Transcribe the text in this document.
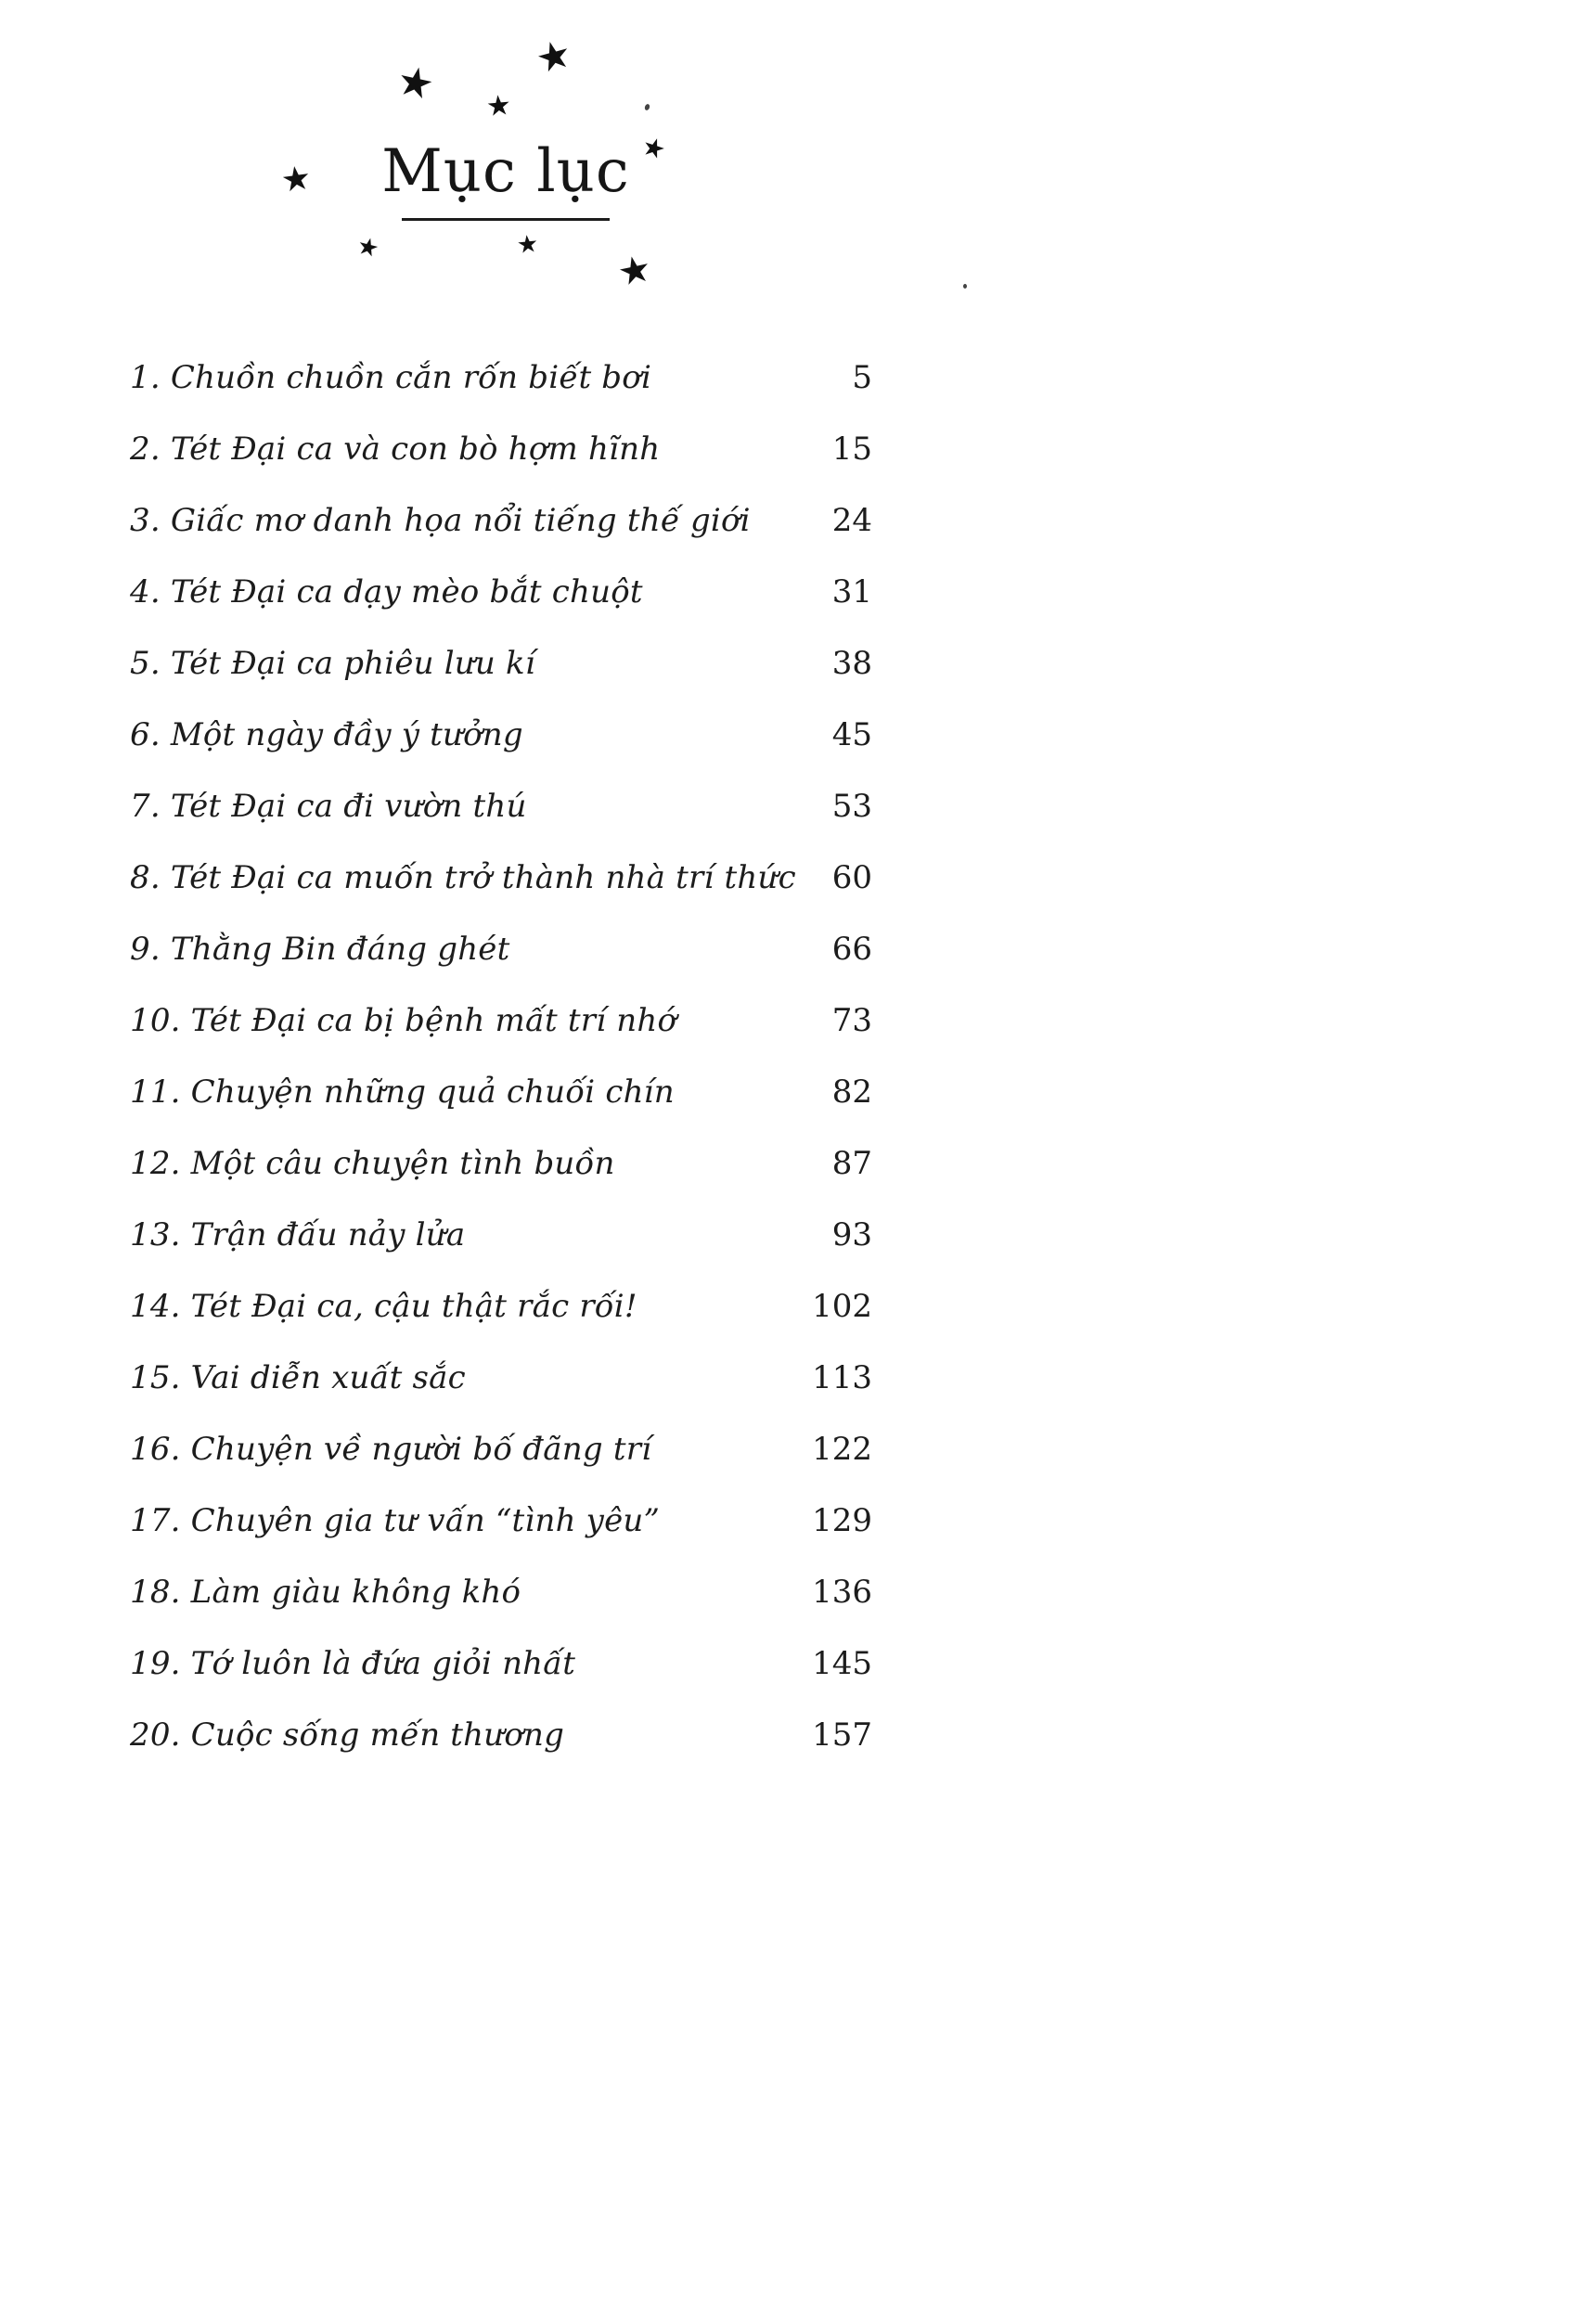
★
★ ★
★
★
★	★
★
Mục lục
1. Chuồn chuồn cắn rốn biết bơi	5
2. Tét Đại ca và con bò hợm hĩnh	15
3. Giấc mơ danh họa nổi tiếng thế giới	24
4. Tét Đại ca dạy mèo bắt chuột	31
5. Tét Đại ca phiêu lưu kí	38
6. Một ngày đầy ý tưởng	45
7. Tét Đại ca đi vườn thú	53
8. Tét Đại ca muốn trở thành nhà trí thức	60
9. Thằng Bin đáng ghét	66
10. Tét Đại ca bị bệnh mất trí nhớ	73
11. Chuyện những quả chuối chín	82
12. Một câu chuyện tình buồn	87
13. Trận đấu nảy lửa	93
14. Tét Đại ca, cậu thật rắc rối!	102
15. Vai diễn xuất sắc	113
16. Chuyện về người bố đãng trí	122
17. Chuyên gia tư vấn “tình yêu”	129
18. Làm giàu không khó	136
19. Tớ luôn là đứa giỏi nhất	145
20. Cuộc sống mến thương	157
